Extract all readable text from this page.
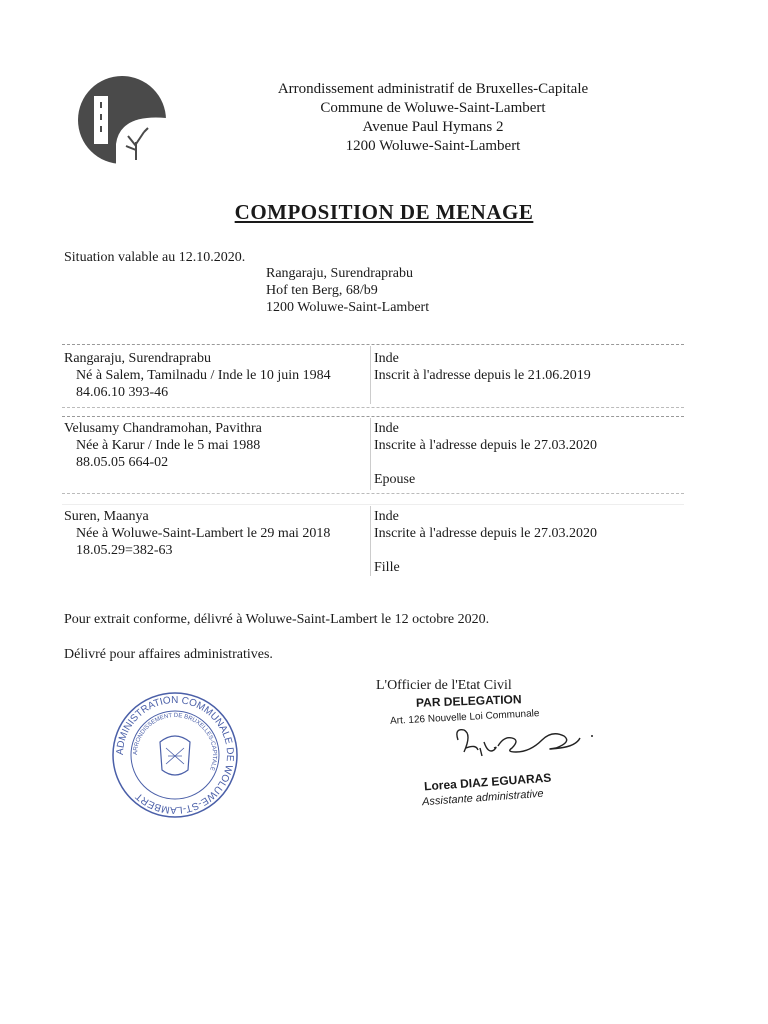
Arrondissement administratif de Bruxelles-Capitale
Commune de Woluwe-Saint-Lambert
Avenue Paul Hymans 2
1200 Woluwe-Saint-Lambert
COMPOSITION DE MENAGE
Situation valable au 12.10.2020.
Rangaraju, Surendraprabu
Hof ten Berg, 68/b9
1200 Woluwe-Saint-Lambert
Rangaraju, Surendraprabu
Né à Salem, Tamilnadu / Inde le 10 juin 1984
84.06.10 393-46
Inde
Inscrit à l'adresse depuis le 21.06.2019
Velusamy Chandramohan, Pavithra
Née à Karur / Inde le 5 mai 1988
88.05.05 664-02
Inde
Inscrite à l'adresse depuis le 27.03.2020
Epouse
Suren, Maanya
Née à Woluwe-Saint-Lambert le 29 mai 2018
18.05.29=382-63
Inde
Inscrite à l'adresse depuis le 27.03.2020
Fille
Pour extrait conforme, délivré à Woluwe-Saint-Lambert le 12 octobre 2020.
Délivré pour affaires administratives.
L'Officier de l'Etat Civil
PAR DELEGATION
Art. 126 Nouvelle Loi Communale
Lorea DIAZ EGUARAS
Assistante administrative
ADMINISTRATION COMMUNALE DE WOLUWE-ST-LAMBERT
ARRONDISSEMENT DE BRUXELLES-CAPITALE
